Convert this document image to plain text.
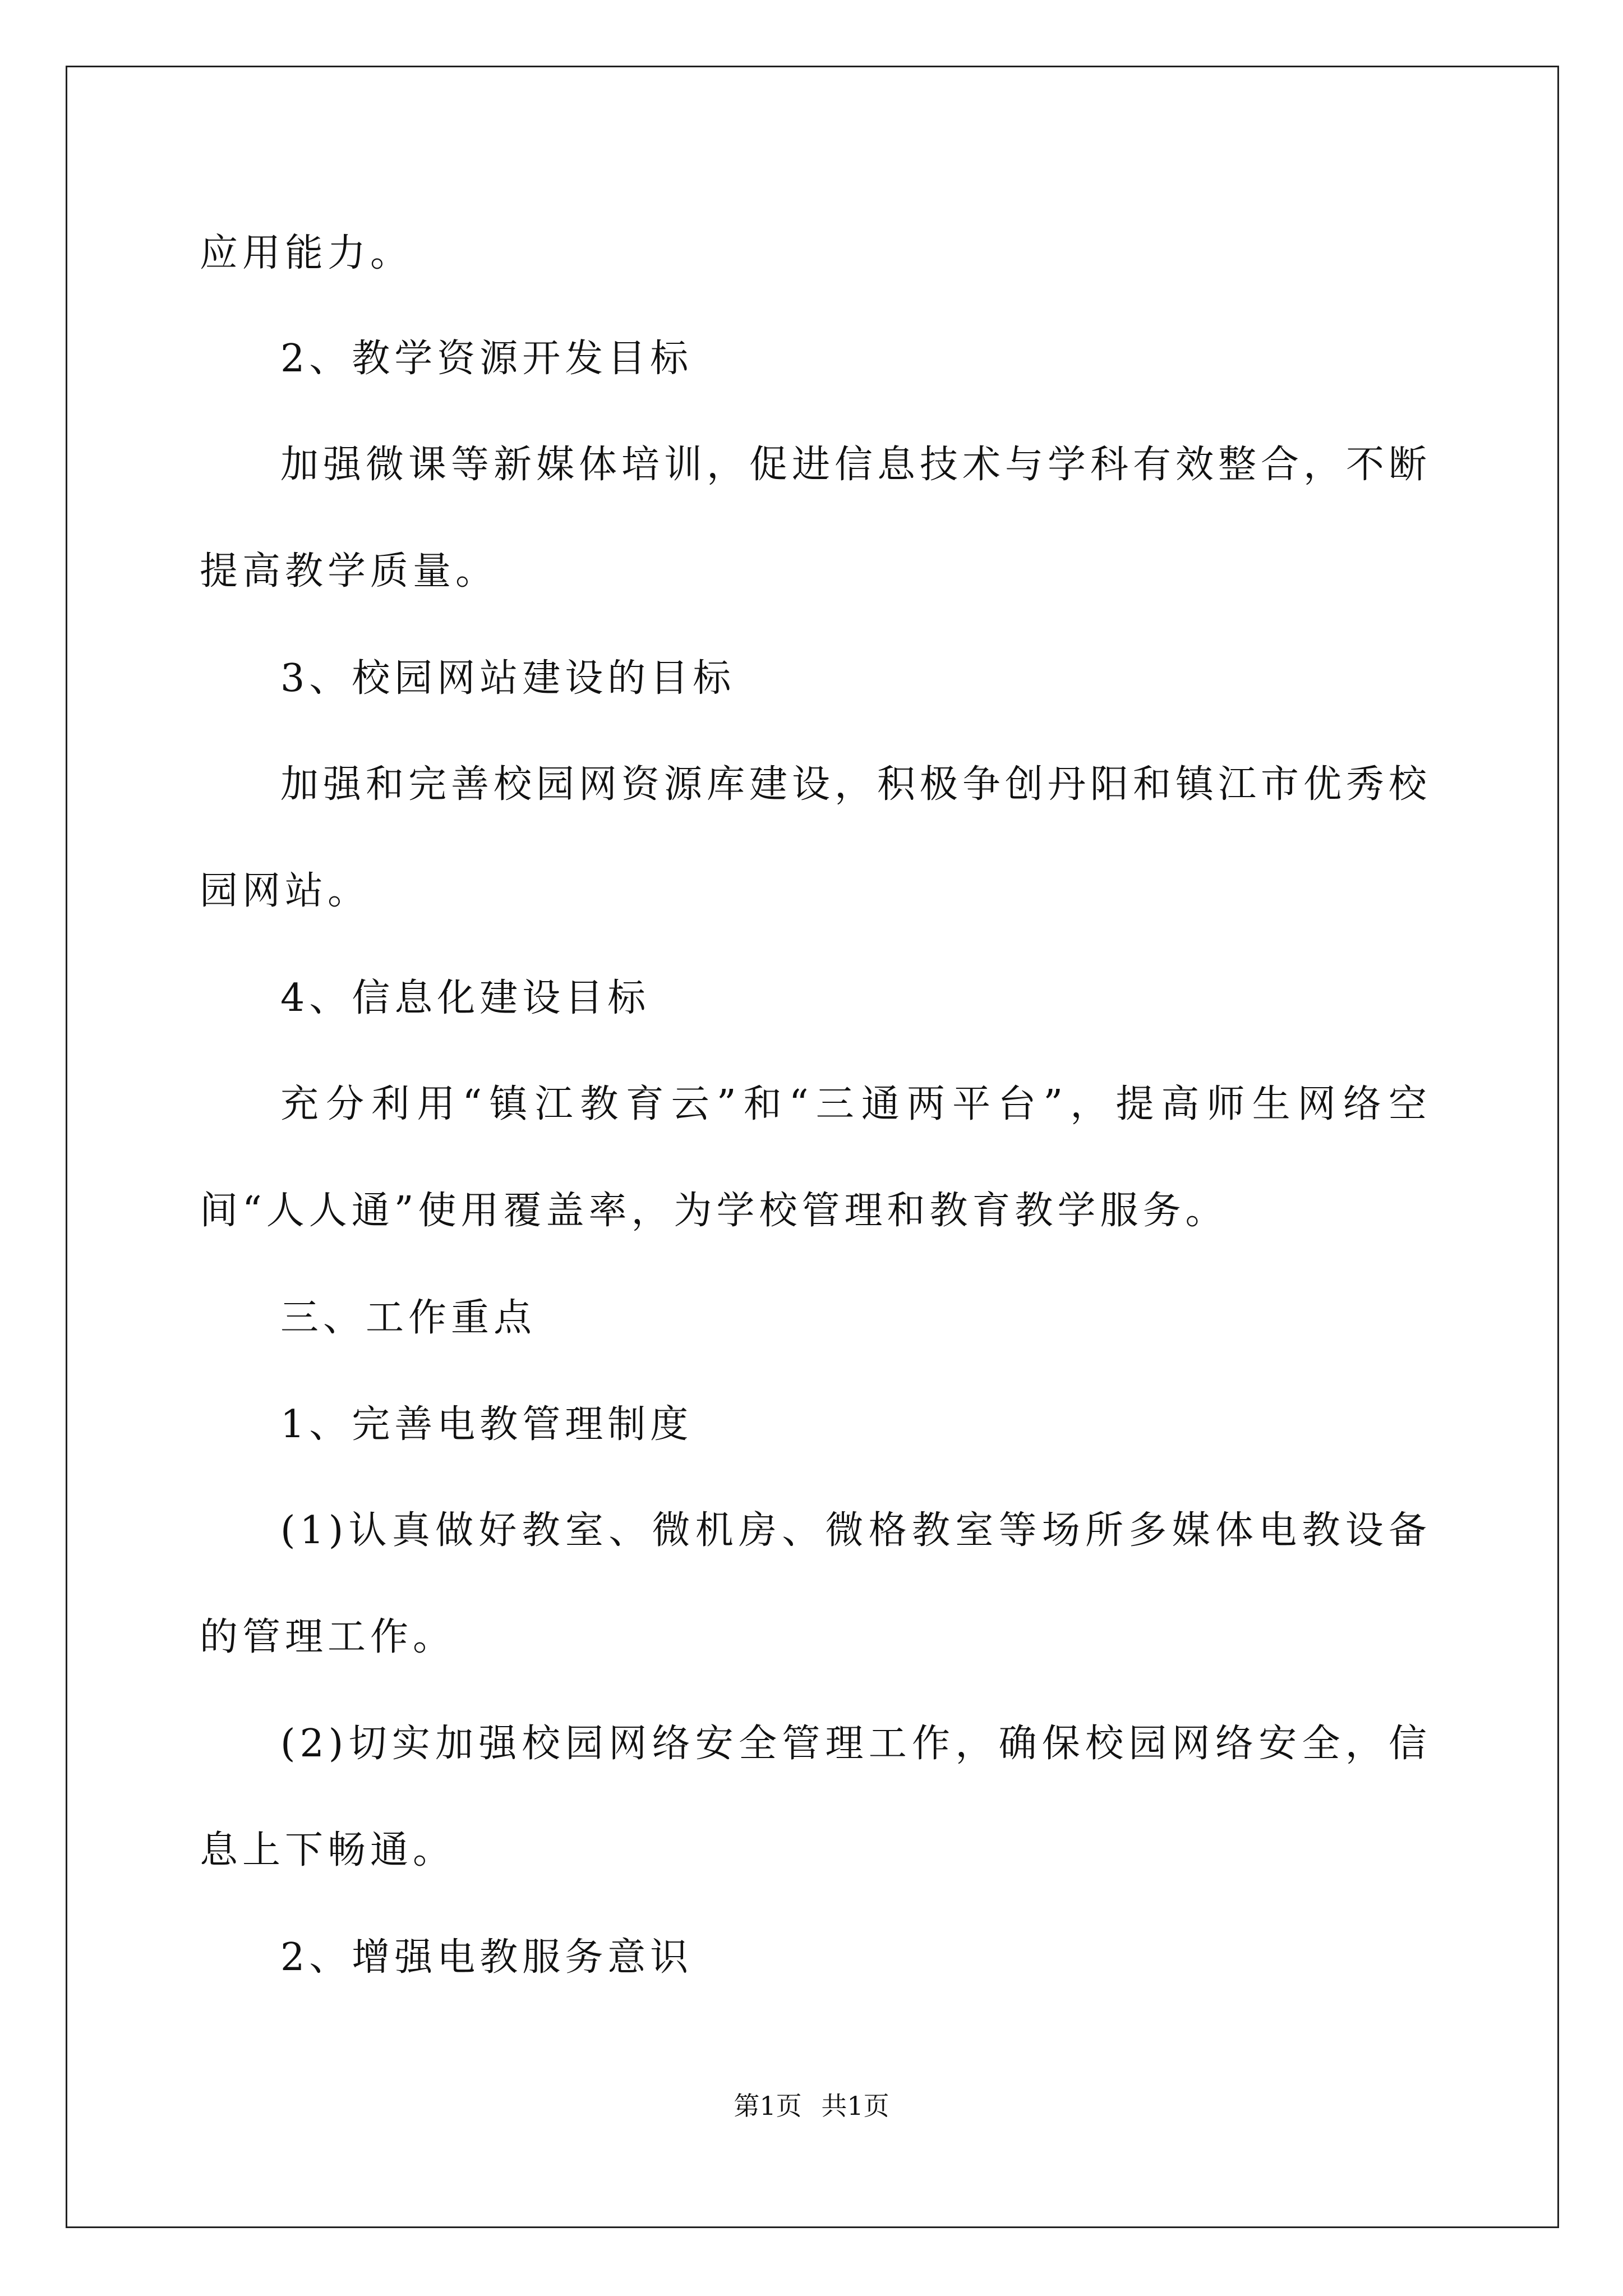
应用能力。
2、教学资源开发目标
加强微课等新媒体培训，促进信息技术与学科有效整合，不断提高教学质量。
3、校园网站建设的目标
加强和完善校园网资源库建设，积极争创丹阳和镇江市优秀校园网站。
4、信息化建设目标
充分利用“镇江教育云”和“三通两平台”，提高师生网络空间“人人通”使用覆盖率，为学校管理和教育教学服务。
三、工作重点
1、完善电教管理制度
(1)认真做好教室、微机房、微格教室等场所多媒体电教设备的管理工作。
(2)切实加强校园网络安全管理工作，确保校园网络安全，信息上下畅通。
2、增强电教服务意识
第1页 共1页
